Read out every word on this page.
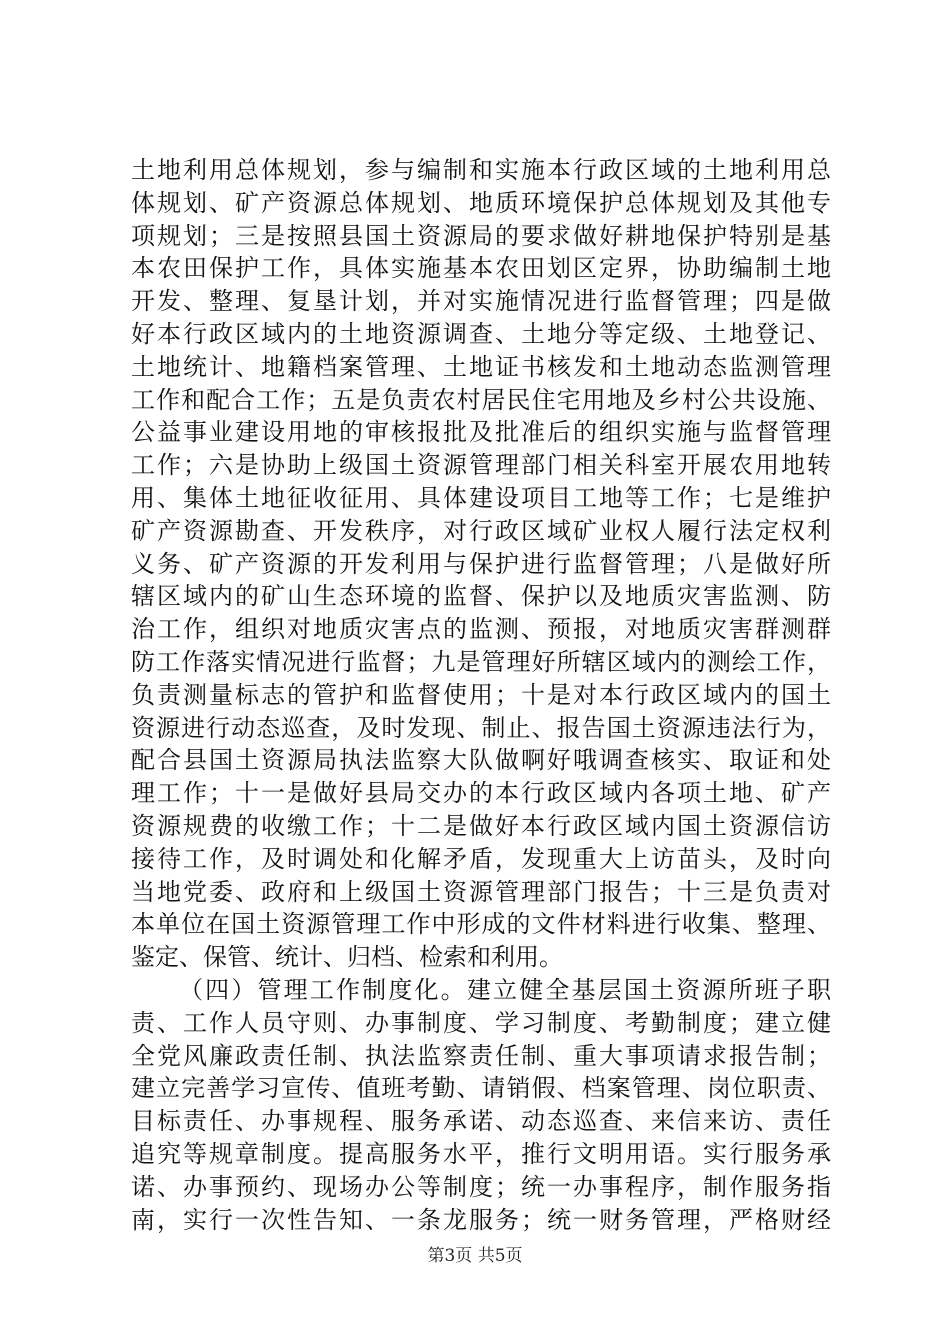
土地利用总体规划，参与编制和实施本行政区域的土地利用总
体规划、矿产资源总体规划、地质环境保护总体规划及其他专
项规划；三是按照县国土资源局的要求做好耕地保护特别是基
本农田保护工作，具体实施基本农田划区定界，协助编制土地
开发、整理、复垦计划，并对实施情况进行监督管理；四是做
好本行政区域内的土地资源调查、土地分等定级、土地登记、
土地统计、地籍档案管理、土地证书核发和土地动态监测管理
工作和配合工作；五是负责农村居民住宅用地及乡村公共设施、
公益事业建设用地的审核报批及批准后的组织实施与监督管理
工作；六是协助上级国土资源管理部门相关科室开展农用地转
用、集体土地征收征用、具体建设项目工地等工作；七是维护
矿产资源勘查、开发秩序，对行政区域矿业权人履行法定权利
义务、矿产资源的开发利用与保护进行监督管理；八是做好所
辖区域内的矿山生态环境的监督、保护以及地质灾害监测、防
治工作，组织对地质灾害点的监测、预报，对地质灾害群测群
防工作落实情况进行监督；九是管理好所辖区域内的测绘工作，
负责测量标志的管护和监督使用；十是对本行政区域内的国土
资源进行动态巡查，及时发现、制止、报告国土资源违法行为，
配合县国土资源局执法监察大队做啊好哦调查核实、取证和处
理工作；十一是做好县局交办的本行政区域内各项土地、矿产
资源规费的收缴工作；十二是做好本行政区域内国土资源信访
接待工作，及时调处和化解矛盾，发现重大上访苗头，及时向
当地党委、政府和上级国土资源管理部门报告；十三是负责对
本单位在国土资源管理工作中形成的文件材料进行收集、整理、
鉴定、保管、统计、归档、检索和利用。
（四）管理工作制度化。建立健全基层国土资源所班子职
责、工作人员守则、办事制度、学习制度、考勤制度；建立健
全党风廉政责任制、执法监察责任制、重大事项请求报告制；
建立完善学习宣传、值班考勤、请销假、档案管理、岗位职责、
目标责任、办事规程、服务承诺、动态巡查、来信来访、责任
追究等规章制度。提高服务水平，推行文明用语。实行服务承
诺、办事预约、现场办公等制度；统一办事程序，制作服务指
南，实行一次性告知、一条龙服务；统一财务管理，严格财经
第3页 共5页
